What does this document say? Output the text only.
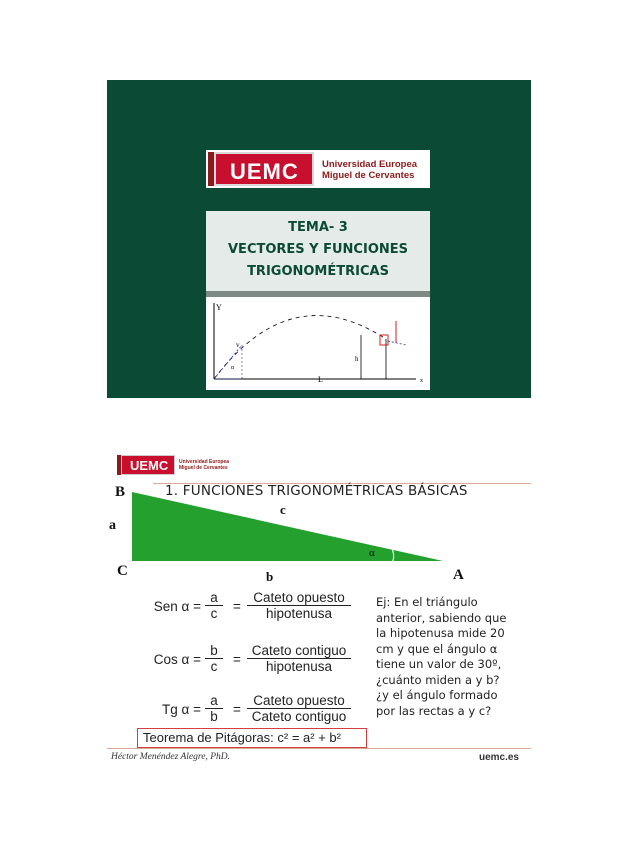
UEMC Universidad Europea
Miguel de Cervantes
TEMA- 3
VECTORES Y FUNCIONES
TRIGONOMÉTRICAS
Y
x
v
α
h
L
UEMC Universidad Europea
Miguel de Cervantes
1. FUNCIONES TRIGONOMÉTRICAS BÁSICAS
α
B
a
c
C	b	A
Sen $\alpha = \frac{a}{c}$ =
Cateto opuesto
hipotenusa
Cos $\alpha = \frac{b}{c}$ =
Cateto contiguo
hipotenusa
Tg $\alpha = \frac{a}{b}$ =
Cateto opuesto
Cateto contiguo
Teorema de Pitágoras: c² = a² + b²
Ej: En el triángulo anterior, sabiendo que la hipotenusa mide 20 cm y que el ángulo α tiene un valor de 30º, ¿cuánto miden a y b? ¿y el ángulo formado por las rectas a y c?
Héctor Menéndez Alegre, PhD.	uemc.es
